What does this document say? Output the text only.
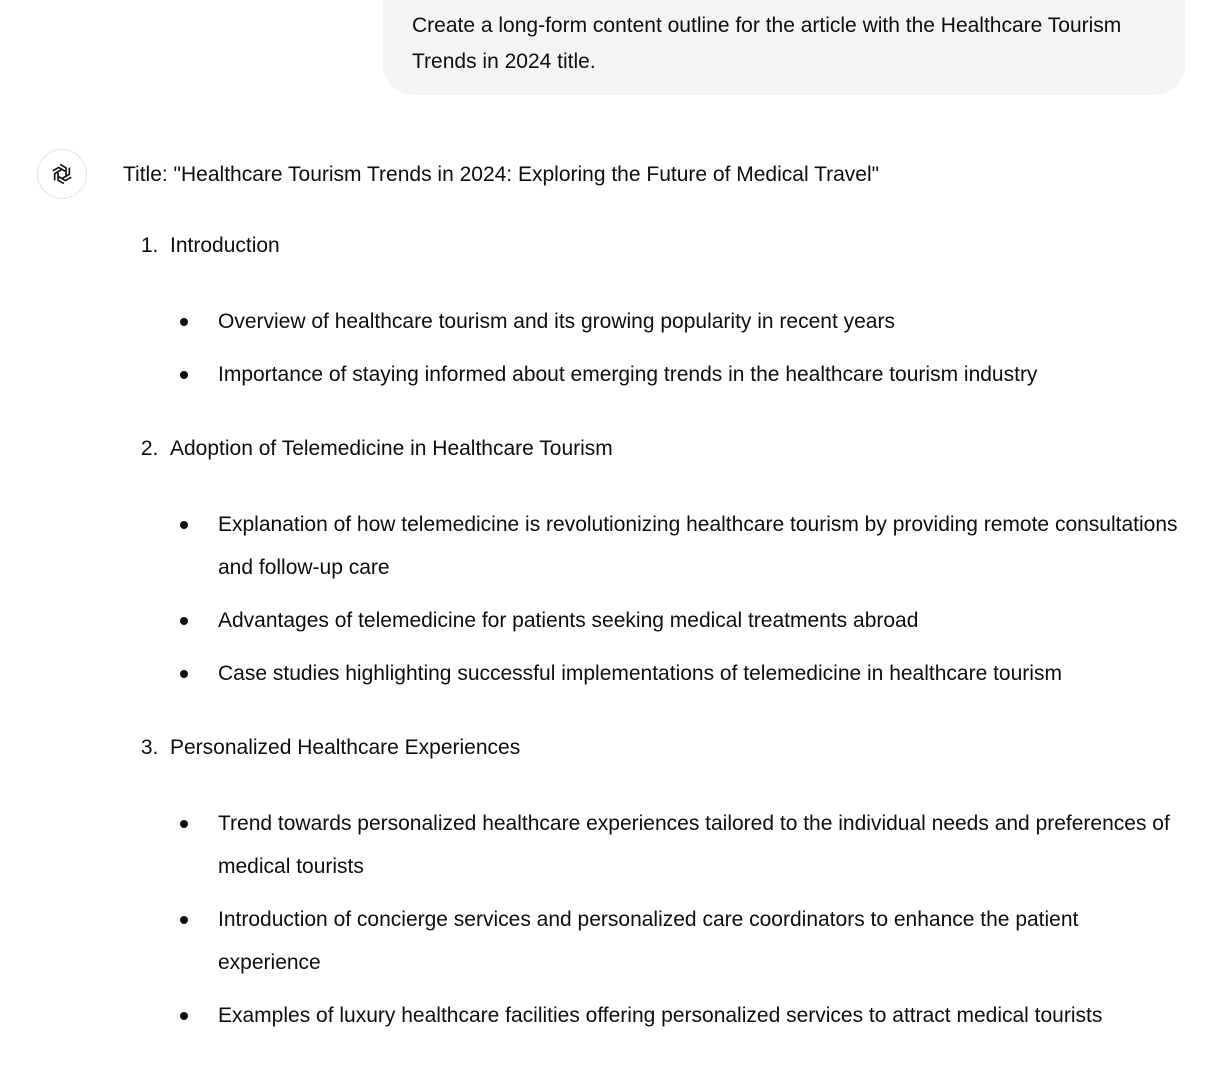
Create a long-form content outline for the article with the Healthcare Tourism Trends in 2024 title.

Title: "Healthcare Tourism Trends in 2024: Exploring the Future of Medical Travel"

1. Introduction
Overview of healthcare tourism and its growing popularity in recent years
Importance of staying informed about emerging trends in the healthcare tourism industry
2. Adoption of Telemedicine in Healthcare Tourism
Explanation of how telemedicine is revolutionizing healthcare tourism by providing remote consultations and follow-up care
Advantages of telemedicine for patients seeking medical treatments abroad
Case studies highlighting successful implementations of telemedicine in healthcare tourism
3. Personalized Healthcare Experiences
Trend towards personalized healthcare experiences tailored to the individual needs and preferences of medical tourists
Introduction of concierge services and personalized care coordinators to enhance the patient experience
Examples of luxury healthcare facilities offering personalized services to attract medical tourists
